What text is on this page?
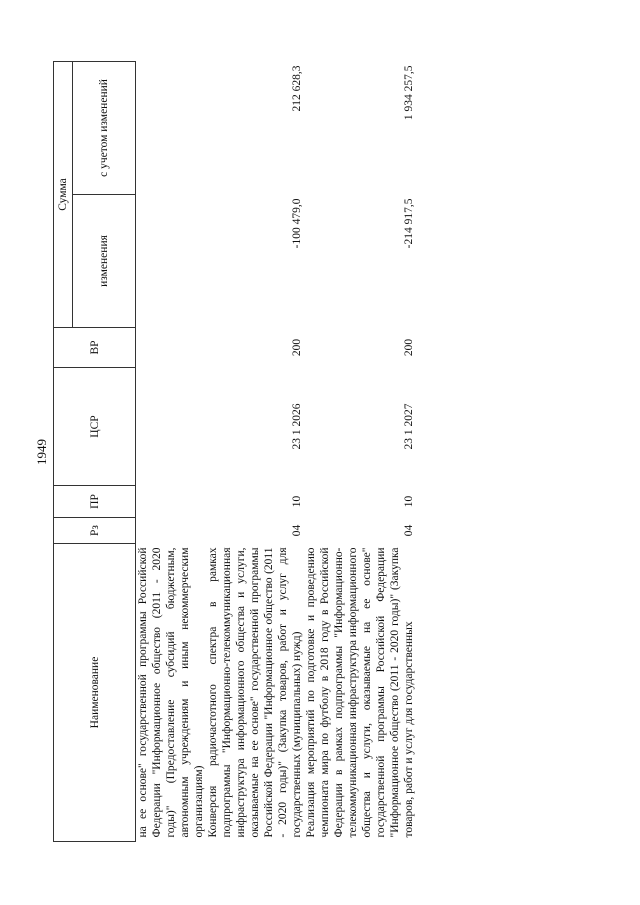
1949
Наименование	Рз	ПР	ЦСР	ВР	Сумма	
					изменения	с учетом изменений
на ее основе" государственной программы Российской Федерации "Информационное общество (2011 - 2020 годы)" (Предоставление субсидий бюджетным, автономным учреждениям и иным некоммерческим организациям)						
Конверсия радиочастотного спектра в рамках подпрограммы "Информационно-телекоммуникационная инфраструктура информационного общества и услуги, оказываемые на ее основе" государственной программы Российской Федерации "Информационное общество (2011 - 2020 годы)" (Закупка товаров, работ и услуг для государственных (муниципальных) нужд)	04	10	23 1 2026	200	-100 479,0	212 628,3
Реализация мероприятий по подготовке и проведению чемпионата мира по футболу в 2018 году в Российской Федерации в рамках подпрограммы "Информационно-телекоммуникационная инфраструктура информационного общества и услуги, оказываемые на ее основе" государственной программы Российской Федерации "Информационное общество (2011 - 2020 годы)" (Закупка товаров, работ и услуг для государственных	04	10	23 1 2027	200	-214 917,5	1 934 257,5
